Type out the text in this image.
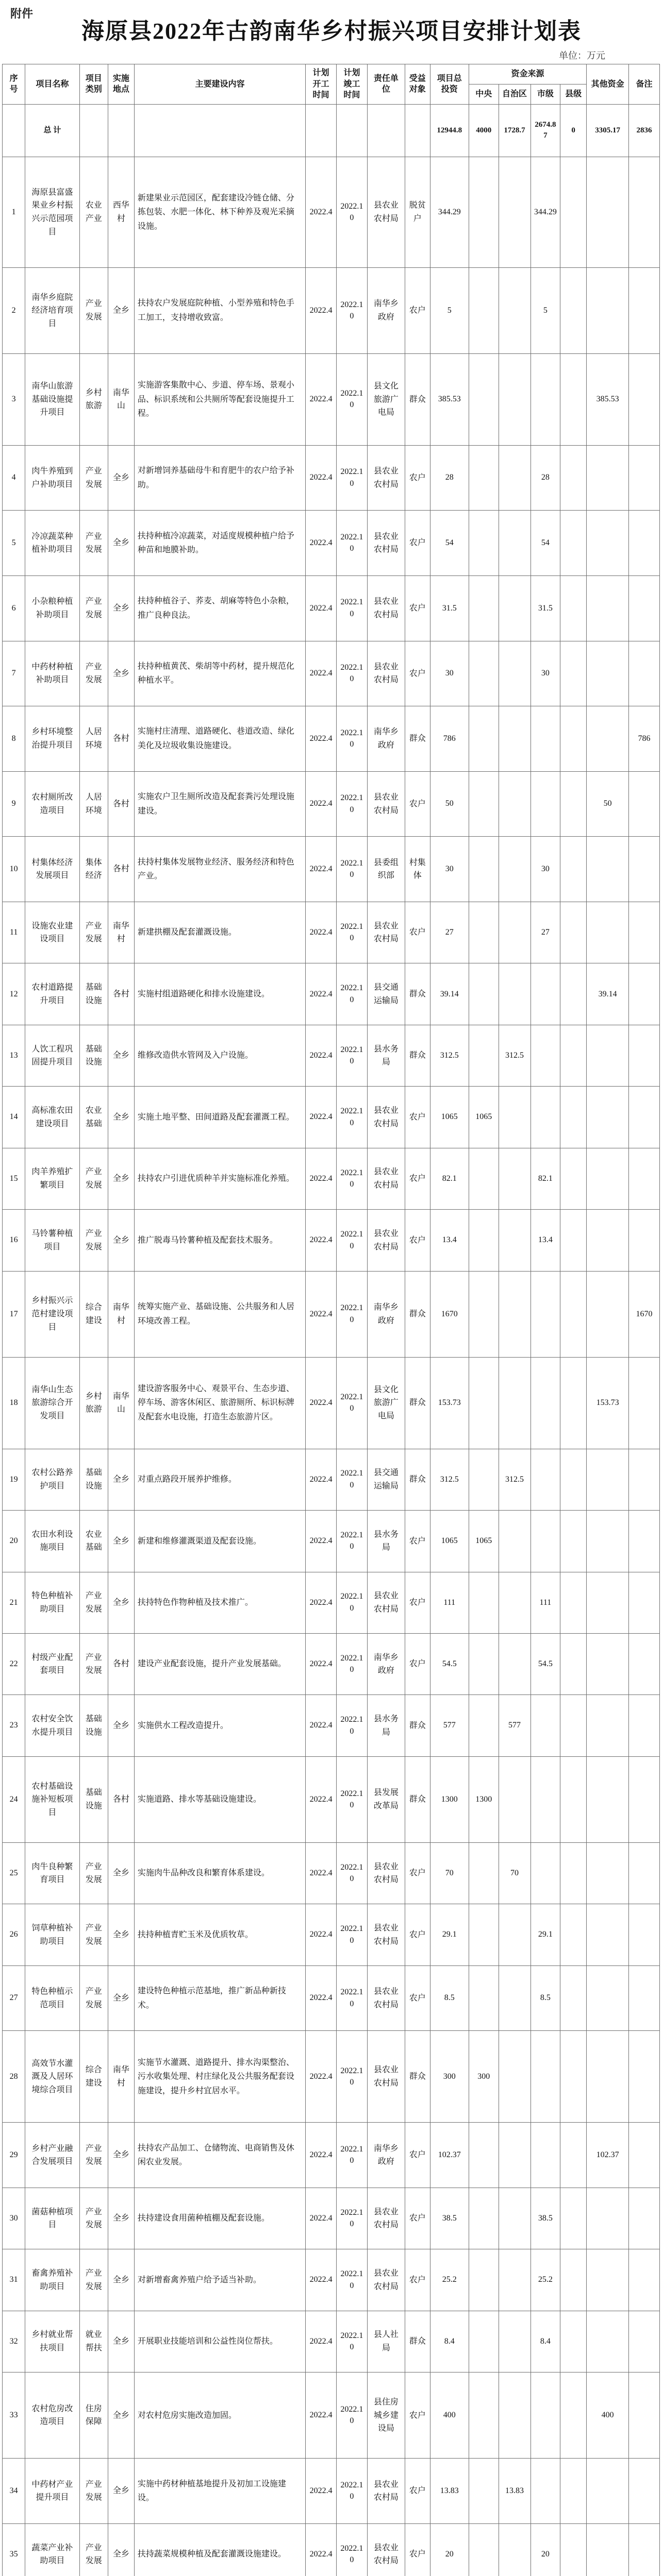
附件
海原县2022年古韵南华乡村振兴项目安排计划表
单位：万元
序号	项目名称	项目类别	实施地点	主要建设内容	计划开工时间	计划竣工时间	责任单位	受益对象	项目总投资	资金来源				其他资金	备注
										中央	自治区	市级	县级		
	总 计								12944.8	4000	1728.7	2674.87	0	3305.17	2836
1	海原县富盛果业乡村振兴示范园项目	农业产业	西华村	新建果业示范园区，配套建设冷链仓储、分拣包装、水肥一体化、林下种养及观光采摘设施。	2022.4	2022.10	县农业农村局	脱贫户	344.29			344.29			
2	南华乡庭院经济培育项目	产业发展	全乡	扶持农户发展庭院种植、小型养殖和特色手工加工，支持增收致富。	2022.4	2022.10	南华乡政府	农户	5			5			
3	南华山旅游基础设施提升项目	乡村旅游	南华山	实施游客集散中心、步道、停车场、景观小品、标识系统和公共厕所等配套设施提升工程。	2022.4	2022.10	县文化旅游广电局	群众	385.53					385.53	
4	肉牛养殖到户补助项目	产业发展	全乡	对新增饲养基础母牛和育肥牛的农户给予补助。	2022.4	2022.10	县农业农村局	农户	28			28			
5	冷凉蔬菜种植补助项目	产业发展	全乡	扶持种植冷凉蔬菜，对适度规模种植户给予种苗和地膜补助。	2022.4	2022.10	县农业农村局	农户	54			54			
6	小杂粮种植补助项目	产业发展	全乡	扶持种植谷子、荞麦、胡麻等特色小杂粮，推广良种良法。	2022.4	2022.10	县农业农村局	农户	31.5			31.5			
7	中药材种植补助项目	产业发展	全乡	扶持种植黄芪、柴胡等中药材，提升规范化种植水平。	2022.4	2022.10	县农业农村局	农户	30			30			
8	乡村环境整治提升项目	人居环境	各村	实施村庄清理、道路硬化、巷道改造、绿化美化及垃圾收集设施建设。	2022.4	2022.10	南华乡政府	群众	786						786
9	农村厕所改造项目	人居环境	各村	实施农户卫生厕所改造及配套粪污处理设施建设。	2022.4	2022.10	县农业农村局	农户	50					50	
10	村集体经济发展项目	集体经济	各村	扶持村集体发展物业经济、服务经济和特色产业。	2022.4	2022.10	县委组织部	村集体	30			30			
11	设施农业建设项目	产业发展	南华村	新建拱棚及配套灌溉设施。	2022.4	2022.10	县农业农村局	农户	27			27			
12	农村道路提升项目	基础设施	各村	实施村组道路硬化和排水设施建设。	2022.4	2022.10	县交通运输局	群众	39.14					39.14	
13	人饮工程巩固提升项目	基础设施	全乡	维修改造供水管网及入户设施。	2022.4	2022.10	县水务局	群众	312.5		312.5				
14	高标准农田建设项目	农业基础	全乡	实施土地平整、田间道路及配套灌溉工程。	2022.4	2022.10	县农业农村局	农户	1065	1065					
15	肉羊养殖扩繁项目	产业发展	全乡	扶持农户引进优质种羊并实施标准化养殖。	2022.4	2022.10	县农业农村局	农户	82.1			82.1			
16	马铃薯种植项目	产业发展	全乡	推广脱毒马铃薯种植及配套技术服务。	2022.4	2022.10	县农业农村局	农户	13.4			13.4			
17	乡村振兴示范村建设项目	综合建设	南华村	统筹实施产业、基础设施、公共服务和人居环境改善工程。	2022.4	2022.10	南华乡政府	群众	1670						1670
18	南华山生态旅游综合开发项目	乡村旅游	南华山	建设游客服务中心、观景平台、生态步道、停车场、游客休闲区、旅游厕所、标识标牌及配套水电设施，打造生态旅游片区。	2022.4	2022.10	县文化旅游广电局	群众	153.73					153.73	
19	农村公路养护项目	基础设施	全乡	对重点路段开展养护维修。	2022.4	2022.10	县交通运输局	群众	312.5		312.5				
20	农田水利设施项目	农业基础	全乡	新建和维修灌溉渠道及配套设施。	2022.4	2022.10	县水务局	农户	1065	1065					
21	特色种植补助项目	产业发展	全乡	扶持特色作物种植及技术推广。	2022.4	2022.10	县农业农村局	农户	111			111			
22	村级产业配套项目	产业发展	各村	建设产业配套设施，提升产业发展基础。	2022.4	2022.10	南华乡政府	农户	54.5			54.5			
23	农村安全饮水提升项目	基础设施	全乡	实施供水工程改造提升。	2022.4	2022.10	县水务局	群众	577		577				
24	农村基础设施补短板项目	基础设施	各村	实施道路、排水等基础设施建设。	2022.4	2022.10	县发展改革局	群众	1300	1300					
25	肉牛良种繁育项目	产业发展	全乡	实施肉牛品种改良和繁育体系建设。	2022.4	2022.10	县农业农村局	农户	70		70				
26	饲草种植补助项目	产业发展	全乡	扶持种植青贮玉米及优质牧草。	2022.4	2022.10	县农业农村局	农户	29.1			29.1			
27	特色种植示范项目	产业发展	全乡	建设特色种植示范基地，推广新品种新技术。	2022.4	2022.10	县农业农村局	农户	8.5			8.5			
28	高效节水灌溉及人居环境综合项目	综合建设	南华村	实施节水灌溉、道路提升、排水沟渠整治、污水收集处理、村庄绿化及公共服务配套设施建设，提升乡村宜居水平。	2022.4	2022.10	县农业农村局	群众	300	300					
29	乡村产业融合发展项目	产业发展	全乡	扶持农产品加工、仓储物流、电商销售及休闲农业发展。	2022.4	2022.10	南华乡政府	农户	102.37					102.37	
30	菌菇种植项目	产业发展	全乡	扶持建设食用菌种植棚及配套设施。	2022.4	2022.10	县农业农村局	农户	38.5			38.5			
31	畜禽养殖补助项目	产业发展	全乡	对新增畜禽养殖户给予适当补助。	2022.4	2022.10	县农业农村局	农户	25.2			25.2			
32	乡村就业帮扶项目	就业帮扶	全乡	开展职业技能培训和公益性岗位帮扶。	2022.4	2022.10	县人社局	群众	8.4			8.4			
33	农村危房改造项目	住房保障	全乡	对农村危房实施改造加固。	2022.4	2022.10	县住房城乡建设局	农户	400					400	
34	中药材产业提升项目	产业发展	全乡	实施中药材种植基地提升及初加工设施建设。	2022.4	2022.10	县农业农村局	农户	13.83		13.83				
35	蔬菜产业补助项目	产业发展	全乡	扶持蔬菜规模种植及配套灌溉设施建设。	2022.4	2022.10	县农业农村局	农户	20			20			
